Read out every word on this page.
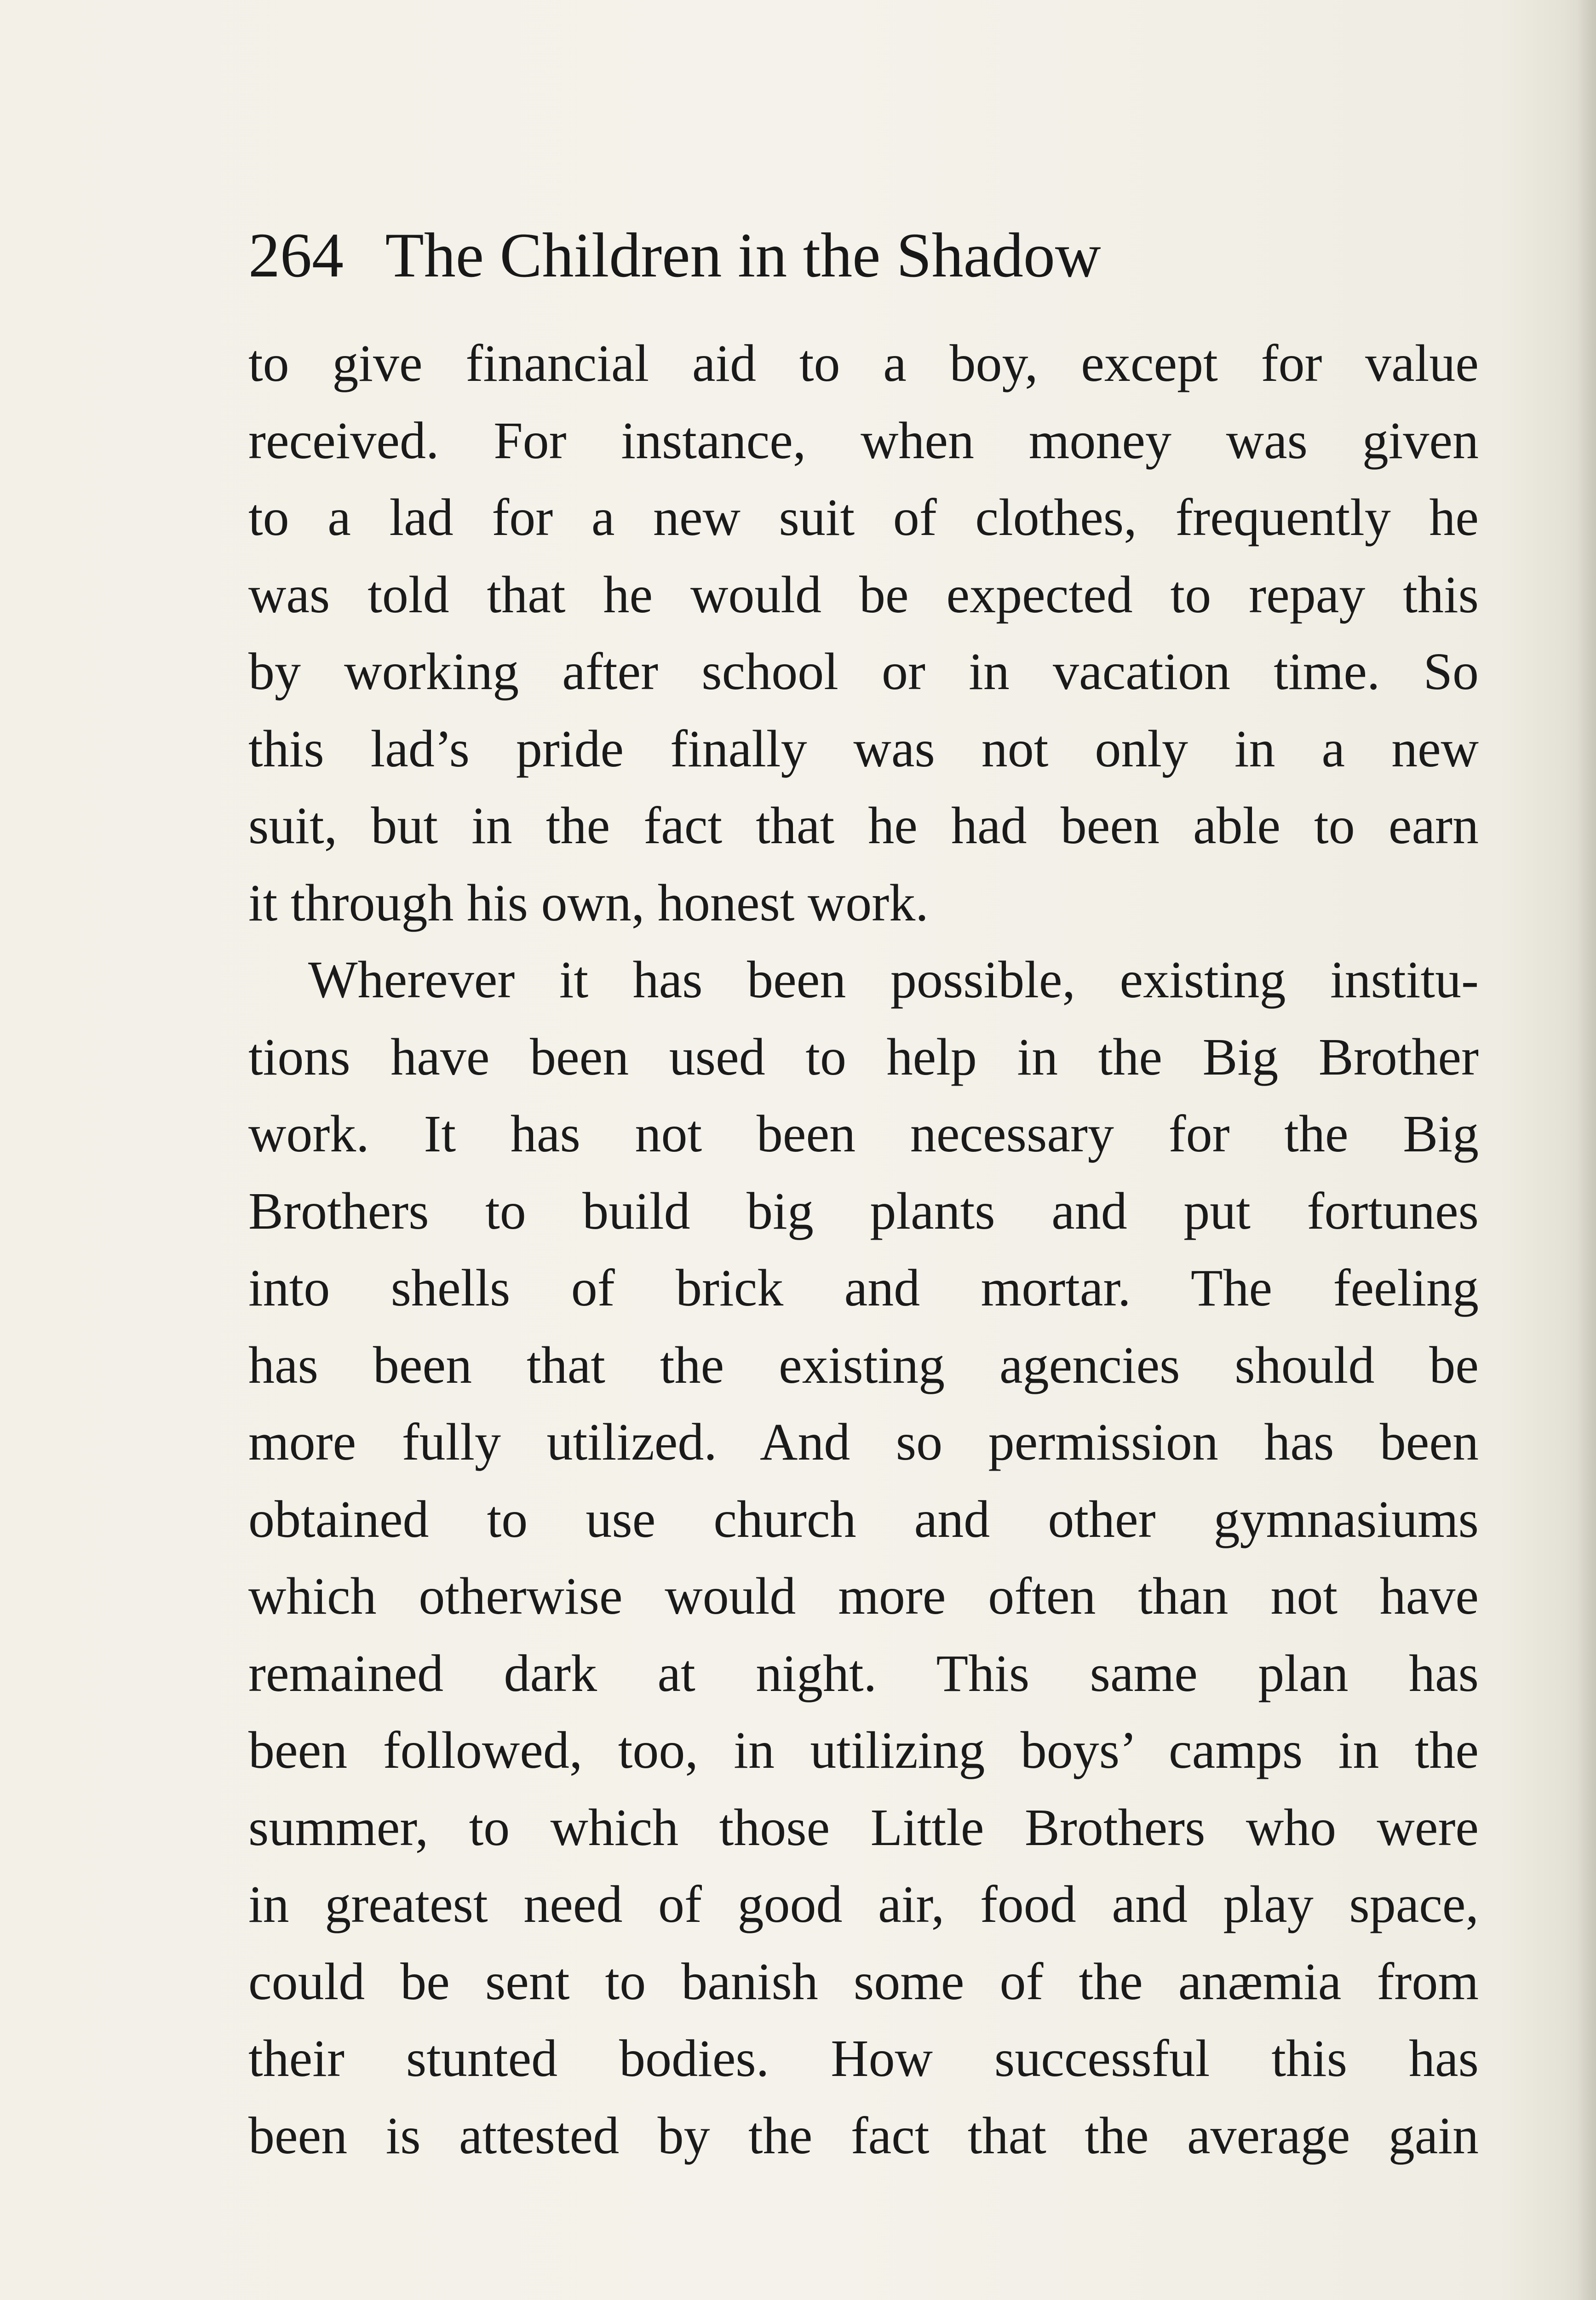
264 The Children in the Shadow
to give financial aid to a boy, except for value
received. For instance, when money was given
to a lad for a new suit of clothes, frequently he
was told that he would be expected to repay this
by working after school or in vacation time. So
this lad’s pride finally was not only in a new
suit, but in the fact that he had been able to earn
it through his own, honest work.
Wherever it has been possible, existing institu-
tions have been used to help in the Big Brother
work. It has not been necessary for the Big
Brothers to build big plants and put fortunes
into shells of brick and mortar. The feeling
has been that the existing agencies should be
more fully utilized. And so permission has been
obtained to use church and other gymnasiums
which otherwise would more often than not have
remained dark at night. This same plan has
been followed, too, in utilizing boys’ camps in the
summer, to which those Little Brothers who were
in greatest need of good air, food and play space,
could be sent to banish some of the anæmia from
their stunted bodies. How successful this has
been is attested by the fact that the average gain
